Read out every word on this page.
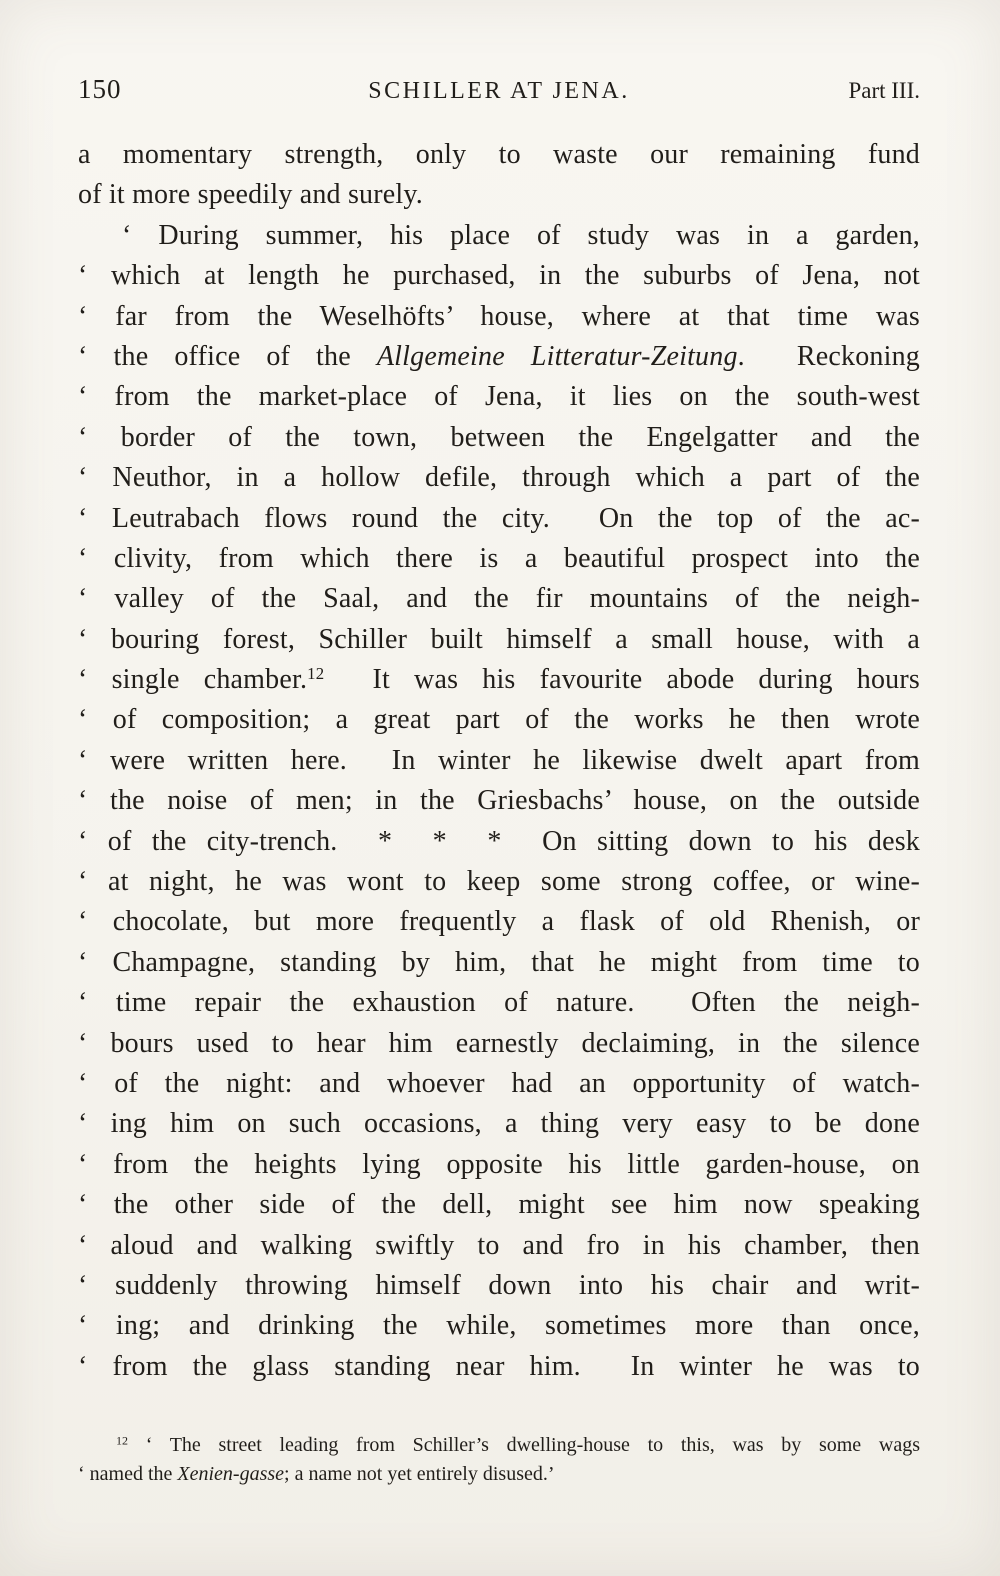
150	SCHILLER AT JENA.	Part III.
a momentary strength, only to waste our remaining fund
of it more speedily and surely.
‘ During summer, his place of study was in a garden,
‘ which at length he purchased, in the suburbs of Jena, not
‘ far from the Weselhöfts’ house, where at that time was
‘ the office of the Allgemeine Litteratur-Zeitung.  Reckoning
‘ from the market-place of Jena, it lies on the south-west
‘ border of the town, between the Engelgatter and the
‘ Neuthor, in a hollow defile, through which a part of the
‘ Leutrabach flows round the city.  On the top of the ac-
‘ clivity, from which there is a beautiful prospect into the
‘ valley of the Saal, and the fir mountains of the neigh-
‘ bouring forest, Schiller built himself a small house, with a
‘ single chamber.$^{12}$  It was his favourite abode during hours
‘ of composition; a great part of the works he then wrote
‘ were written here.  In winter he likewise dwelt apart from
‘ the noise of men; in the Griesbachs’ house, on the outside
‘ of the city-trench.  *  *  *  On sitting down to his desk
‘ at night, he was wont to keep some strong coffee, or wine-
‘ chocolate, but more frequently a flask of old Rhenish, or
‘ Champagne, standing by him, that he might from time to
‘ time repair the exhaustion of nature.  Often the neigh-
‘ bours used to hear him earnestly declaiming, in the silence
‘ of the night: and whoever had an opportunity of watch-
‘ ing him on such occasions, a thing very easy to be done
‘ from the heights lying opposite his little garden-house, on
‘ the other side of the dell, might see him now speaking
‘ aloud and walking swiftly to and fro in his chamber, then
‘ suddenly throwing himself down into his chair and writ-
‘ ing; and drinking the while, sometimes more than once,
‘ from the glass standing near him.  In winter he was to
$^{12}$ ‘ The street leading from Schiller’s dwelling-house to this, was by some wags
‘ named the Xenien-gasse; a name not yet entirely disused.’
